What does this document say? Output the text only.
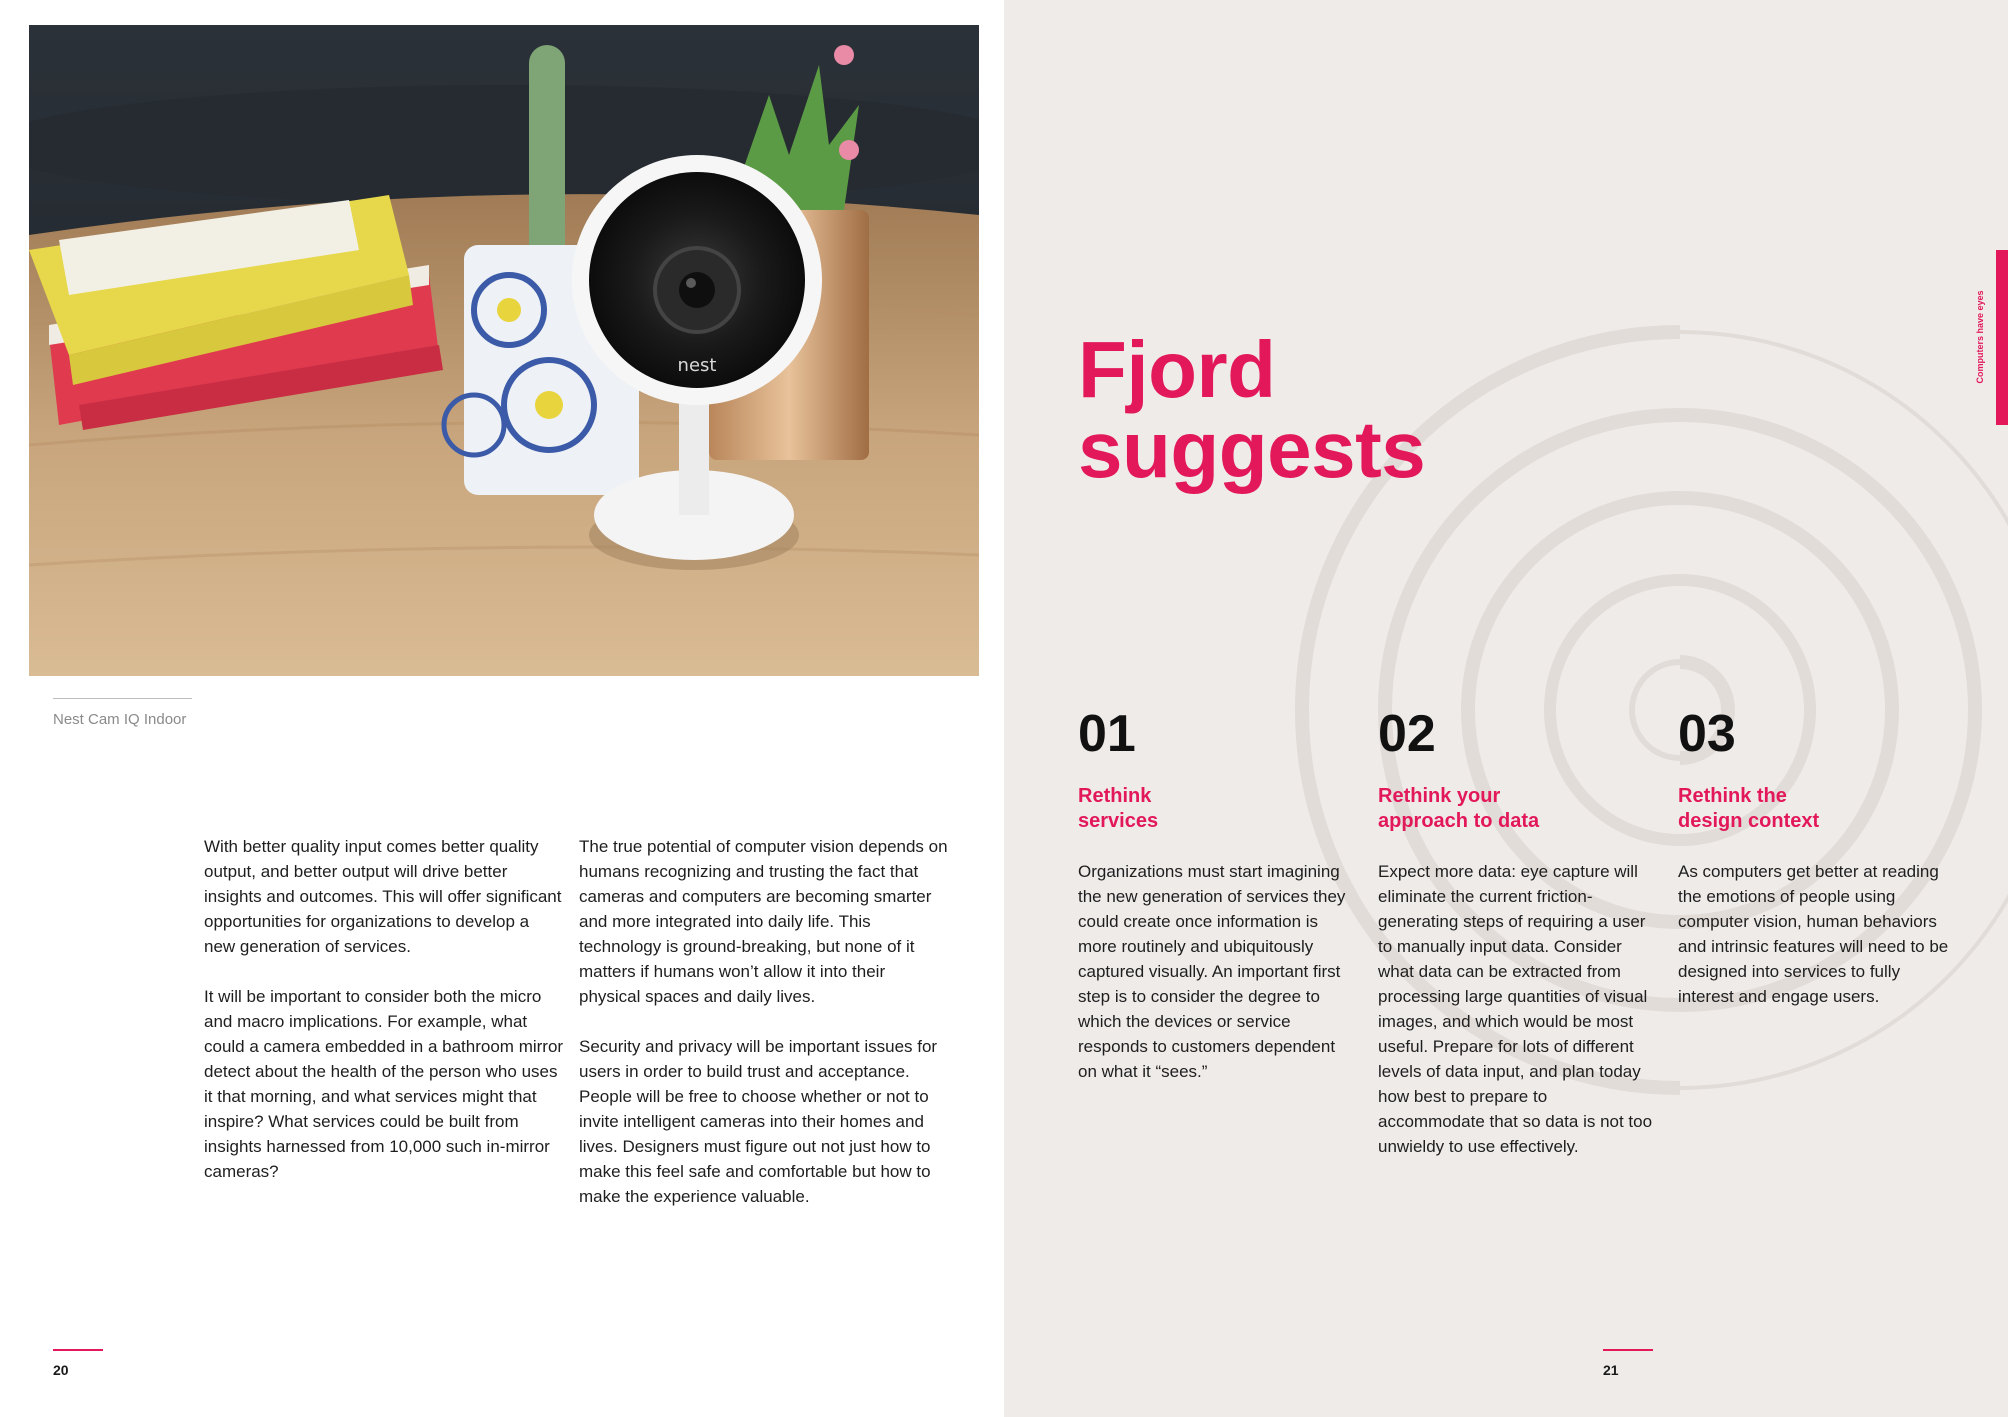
nest
Nest Cam IQ Indoor

With better quality input comes better quality output, and better output will drive better insights and outcomes. This will offer significant opportunities for organizations to develop a new generation of services.

It will be important to consider both the micro and macro implications. For example, what could a camera embedded in a bathroom mirror detect about the health of the person who uses it that morning, and what services might that inspire? What services could be built from insights harnessed from 10,000 such in-mirror cameras?

The true potential of computer vision depends on humans recognizing and trusting the fact that cameras and computers are becoming smarter and more integrated into daily life. This technology is ground-breaking, but none of it matters if humans won’t allow it into their physical spaces and daily lives.

Security and privacy will be important issues for users in order to build trust and acceptance. People will be free to choose whether or not to invite intelligent cameras into their homes and lives. Designers must figure out not just how to make this feel safe and comfortable but how to make the experience valuable.

20
Fjord
suggests
01
Rethink
services
Organizations must start imagining the new generation of services they could create once information is more routinely and ubiquitously captured visually. An important first step is to consider the degree to which the devices or service responds to customers dependent on what it “sees.”
02
Rethink your
approach to data
Expect more data: eye capture will eliminate the current friction-generating steps of requiring a user to manually input data. Consider what data can be extracted from processing large quantities of visual images, and which would be most useful. Prepare for lots of different levels of data input, and plan today how best to prepare to accommodate that so data is not too unwieldy to use effectively.
03
Rethink the
design context
As computers get better at reading the emotions of people using computer vision, human behaviors and intrinsic features will need to be designed into services to fully interest and engage users.
Computers have eyes
21
